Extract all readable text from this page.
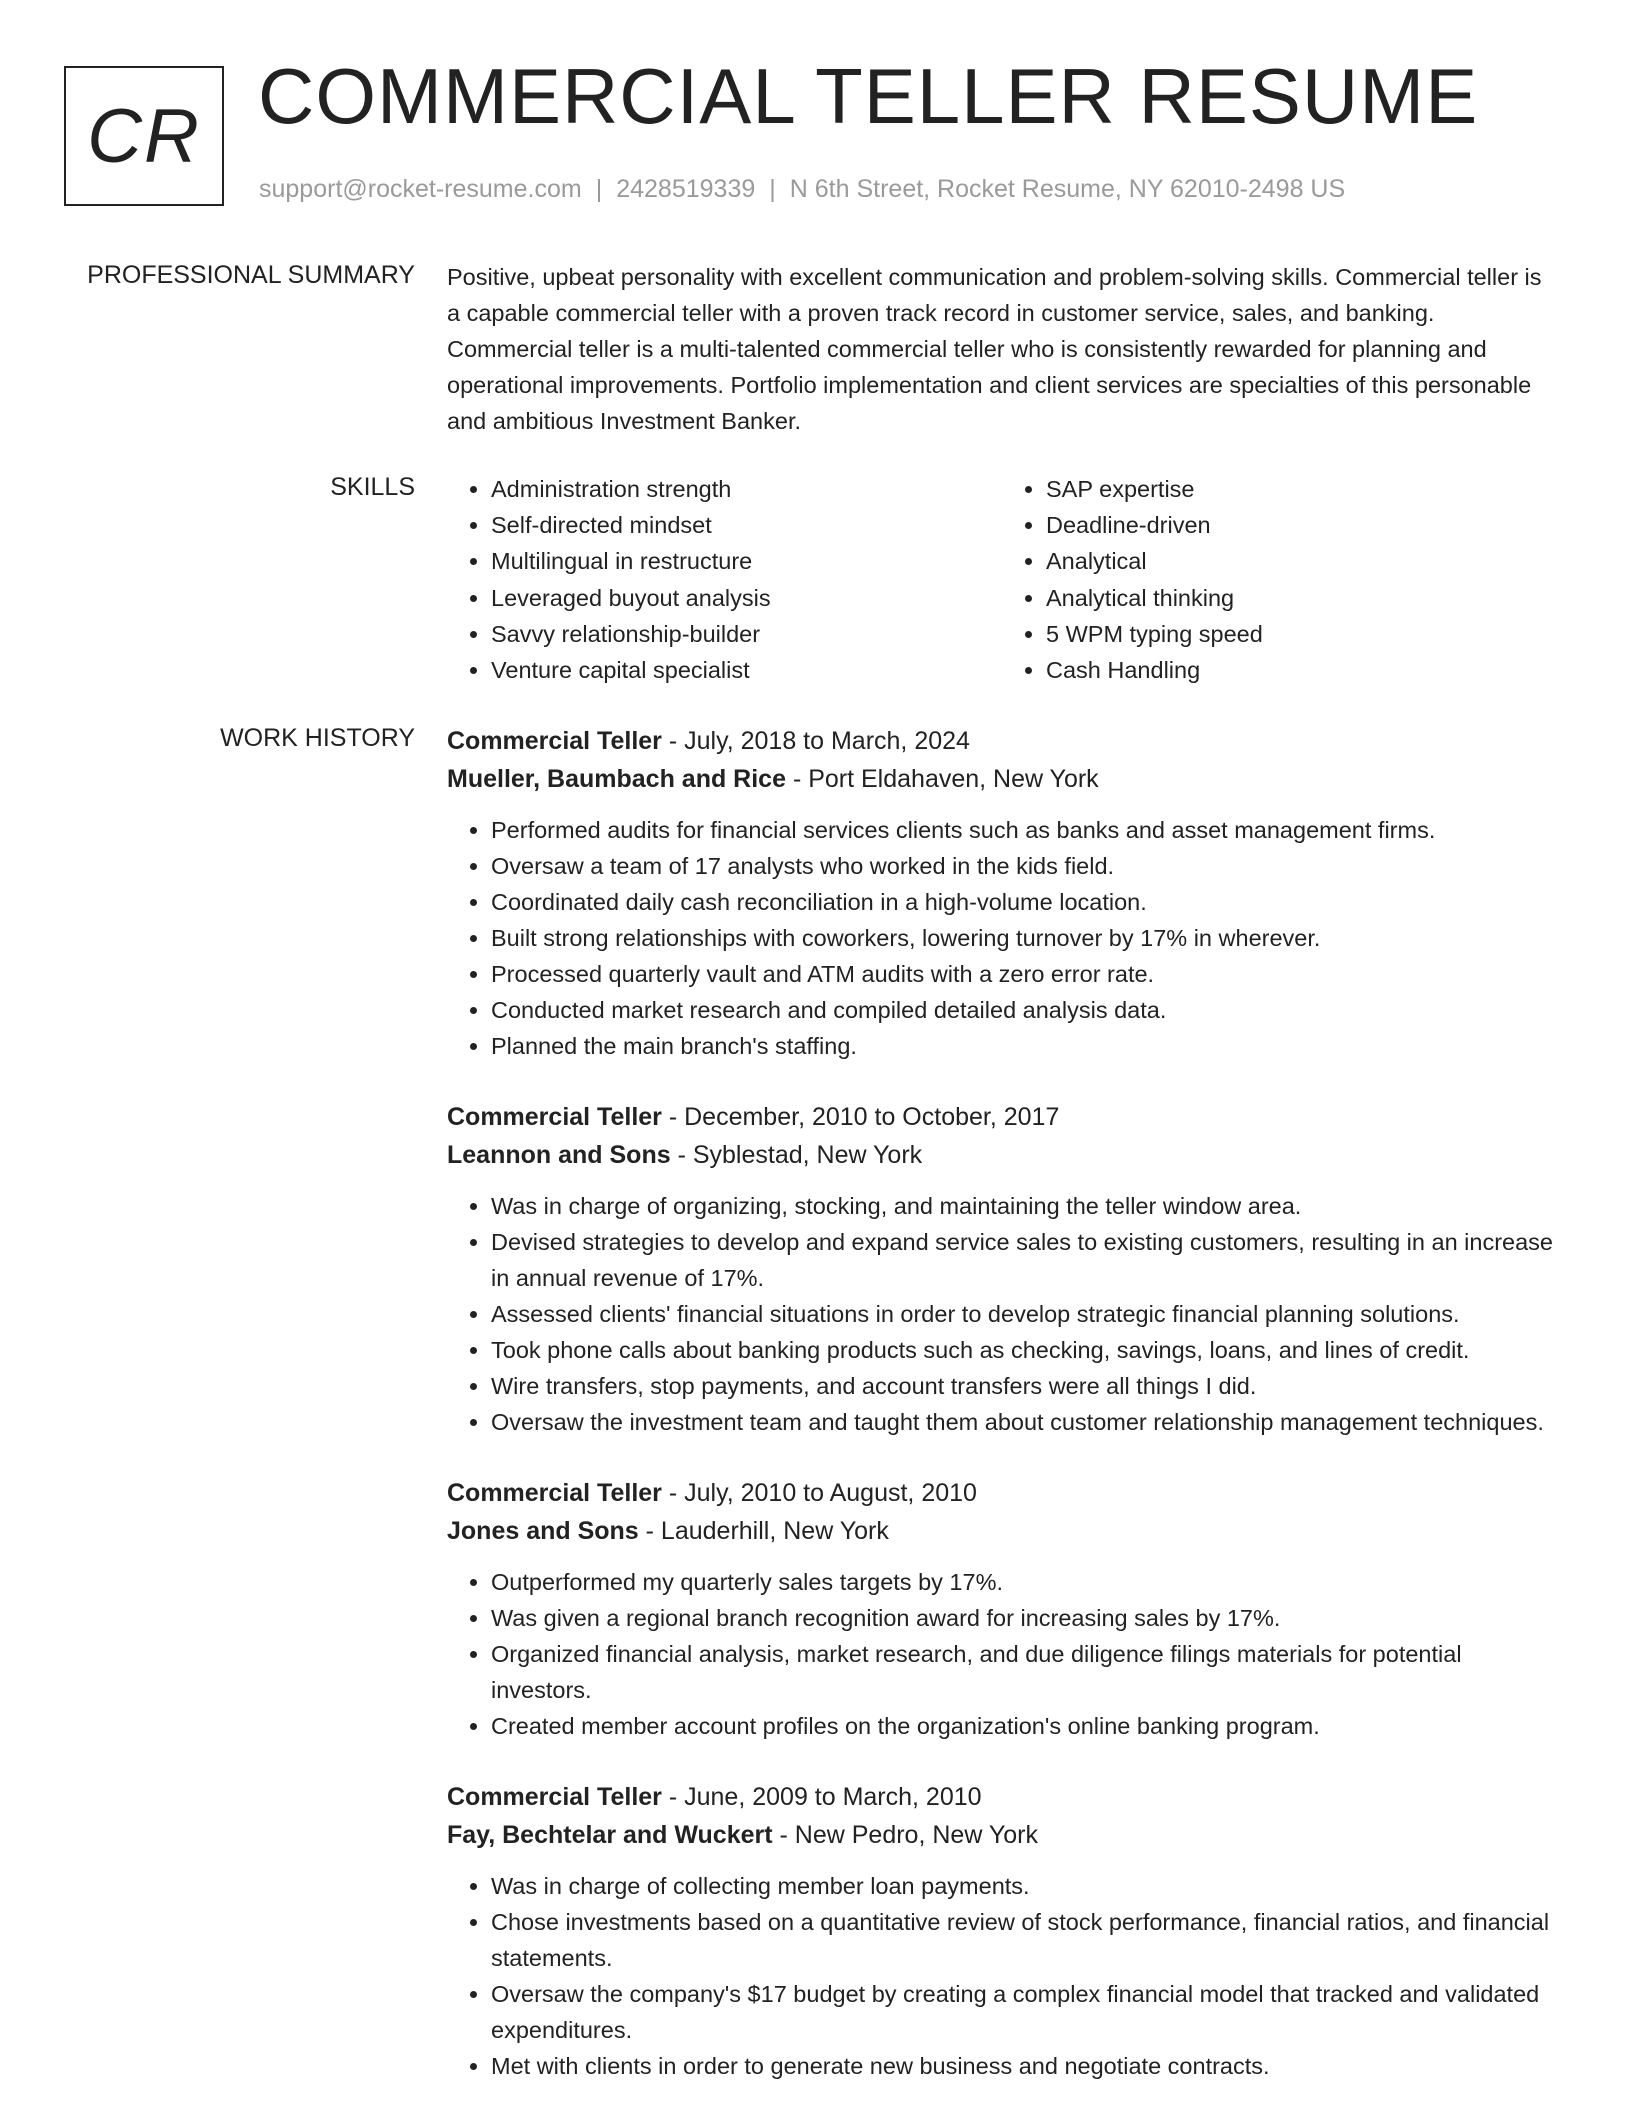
CR COMMERCIAL TELLER RESUME
support@rocket-resume.com | 2428519339 | N 6th Street, Rocket Resume, NY 62010-2498 US
PROFESSIONAL SUMMARY Positive, upbeat personality with excellent communication and problem-solving skills. Commercial teller is a capable commercial teller with a proven track record in customer service, sales, and banking. Commercial teller is a multi-talented commercial teller who is consistently rewarded for planning and operational improvements. Portfolio implementation and client services are specialties of this personable and ambitious Investment Banker.
SKILLS
•	Administration strength
• Self-directed mindset
• Multilingual in restructure
• Leveraged buyout analysis
• Savvy relationship-builder
• Venture capital specialist
• SAP expertise
• Deadline-driven
• Analytical
• Analytical thinking
• 5 WPM typing speed
• Cash Handling
WORK HISTORY Commercial Teller - July, 2018 to March, 2024
Mueller, Baumbach and Rice - Port Eldahaven, New York
• Performed audits for financial services clients such as banks and asset management firms.
• Oversaw a team of 17 analysts who worked in the kids field.
• Coordinated daily cash reconciliation in a high-volume location.
• Built strong relationships with coworkers, lowering turnover by 17% in wherever.
• Processed quarterly vault and ATM audits with a zero error rate.
• Conducted market research and compiled detailed analysis data.
• Planned the main branch's staffing.
Commercial Teller - December, 2010 to October, 2017
Leannon and Sons - Syblestad, New York
• Was in charge of organizing, stocking, and maintaining the teller window area.
• Devised strategies to develop and expand service sales to existing customers, resulting in an increase in annual revenue of 17%.
• Assessed clients' financial situations in order to develop strategic financial planning solutions.
• Took phone calls about banking products such as checking, savings, loans, and lines of credit.
• Wire transfers, stop payments, and account transfers were all things I did.
• Oversaw the investment team and taught them about customer relationship management techniques.
Commercial Teller - July, 2010 to August, 2010
Jones and Sons - Lauderhill, New York
• Outperformed my quarterly sales targets by 17%.
• Was given a regional branch recognition award for increasing sales by 17%.
• Organized financial analysis, market research, and due diligence filings materials for potential investors.
• Created member account profiles on the organization's online banking program.
Commercial Teller - June, 2009 to March, 2010
Fay, Bechtelar and Wuckert - New Pedro, New York
• Was in charge of collecting member loan payments.
• Chose investments based on a quantitative review of stock performance, financial ratios, and financial statements.
• Oversaw the company's $17 budget by creating a complex financial model that tracked and validated expenditures.
• Met with clients in order to generate new business and negotiate contracts.
